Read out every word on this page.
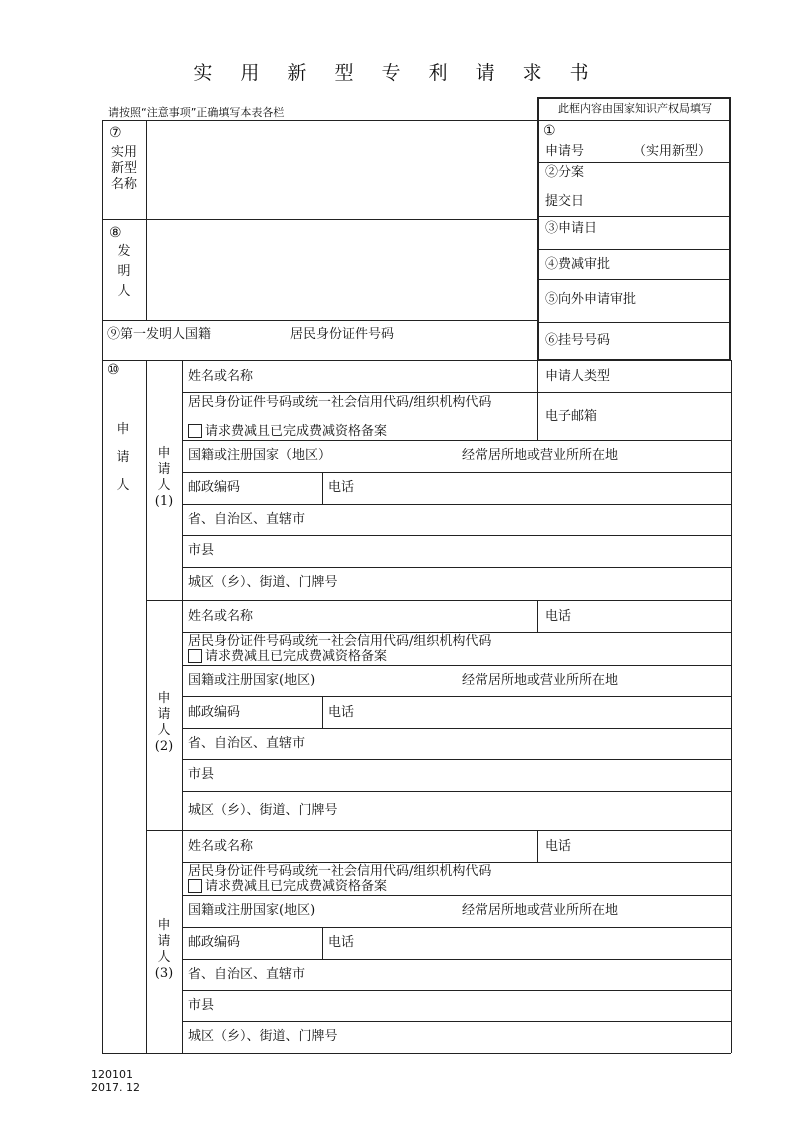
实 用 新 型 专 利 请 求 书
请按照“注意事项”正确填写本表各栏	此框内容由国家知识产权局填写
①
申请号	（实用新型）
②分案
提交日
③申请日
④费减审批
⑤向外申请审批
⑥挂号号码
⑦
实用
新型
名称
⑧
发
明
人
⑨第一发明人国籍	居民身份证件号码
⑩
申
请
人
申
请
人
(1)
姓名或名称	申请人类型
居民身份证件号码或统一社会信用代码/组织机构代码
电子邮箱
请求费减且已完成费减资格备案
国籍或注册国家（地区）	经常居所地或营业所所在地
邮政编码	电话
省、自治区、直辖市
市县
城区（乡）、街道、门牌号
申
请
人
(2)
姓名或名称	电话
居民身份证件号码或统一社会信用代码/组织机构代码
请求费减且已完成费减资格备案
国籍或注册国家(地区)	经常居所地或营业所所在地
邮政编码	电话
省、自治区、直辖市
市县
城区（乡）、街道、门牌号
申
请
人
(3)
姓名或名称	电话
居民身份证件号码或统一社会信用代码/组织机构代码
请求费减且已完成费减资格备案
国籍或注册国家(地区)	经常居所地或营业所所在地
邮政编码	电话
省、自治区、直辖市
市县
城区（乡）、街道、门牌号
120101
2017. 12
